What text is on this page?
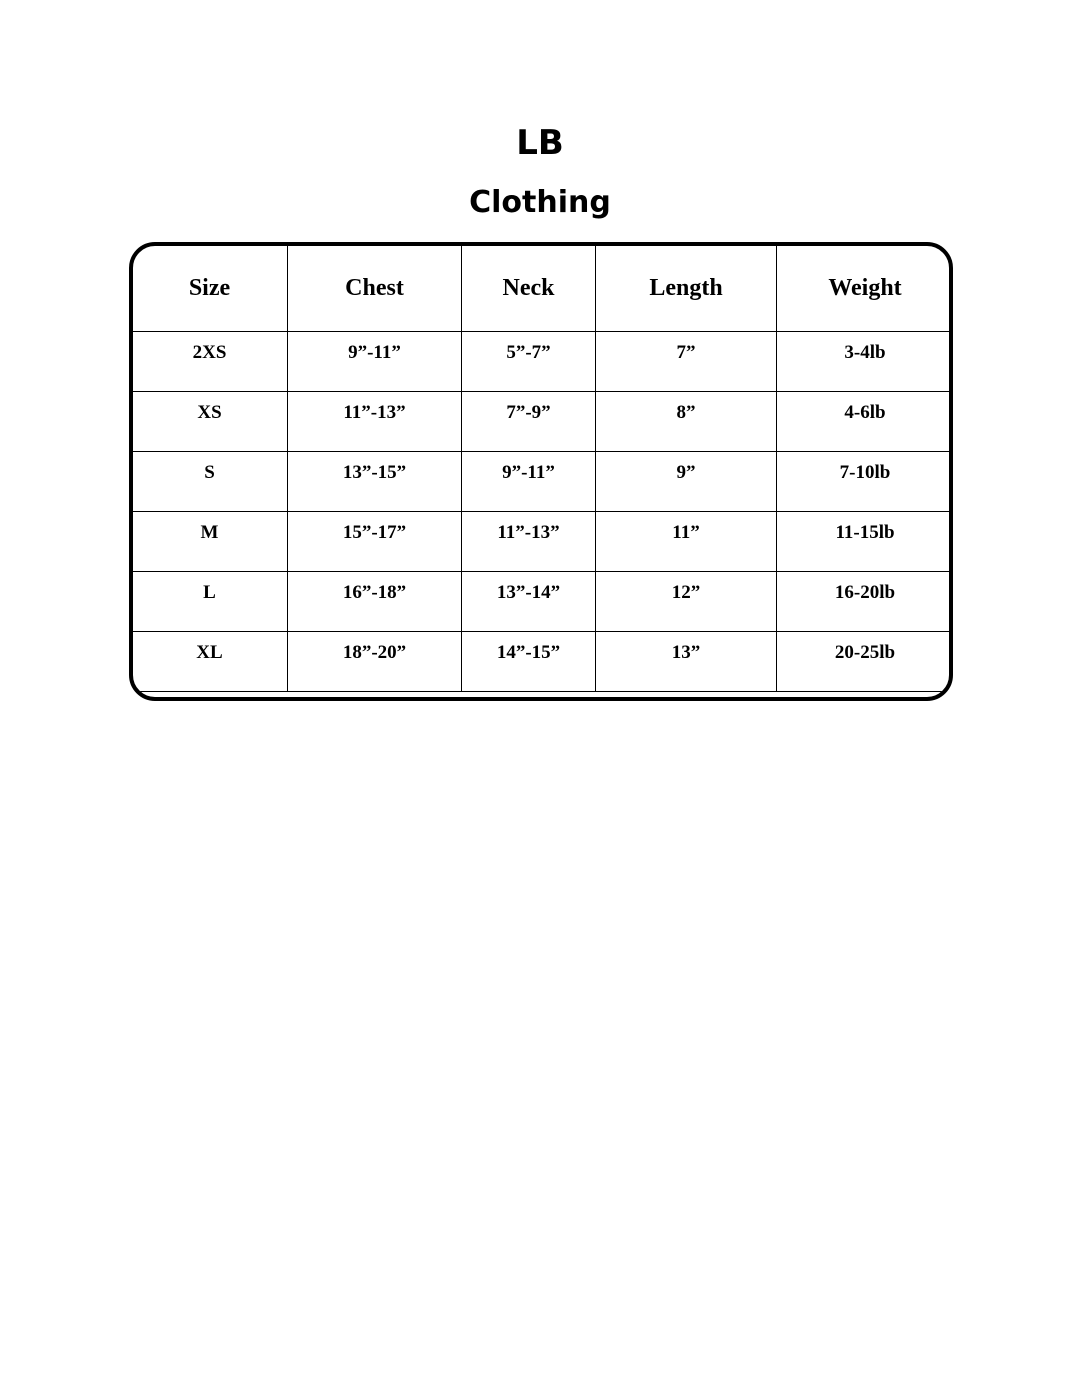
LB
Clothing
Size	Chest	Neck	Length	Weight
2XS	9”-11”	5”-7”	7”	3-4lb
XS	11”-13”	7”-9”	8”	4-6lb
S	13”-15”	9”-11”	9”	7-10lb
M	15”-17”	11”-13”	11”	11-15lb
L	16”-18”	13”-14”	12”	16-20lb
XL	18”-20”	14”-15”	13”	20-25lb
